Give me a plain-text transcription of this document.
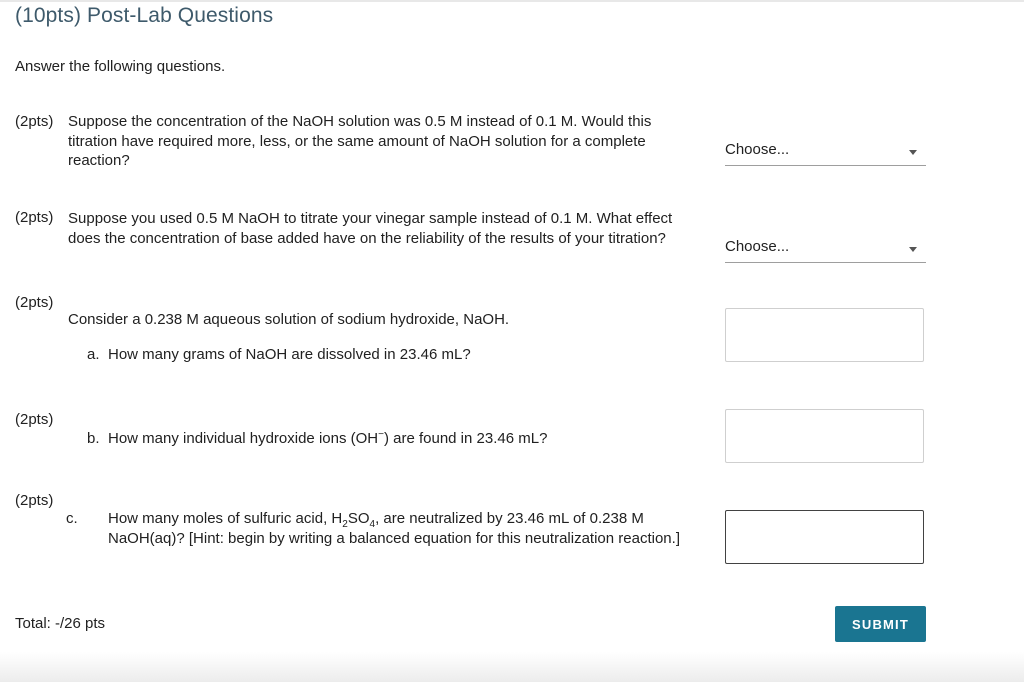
(10pts) Post-Lab Questions
Answer the following questions.
(2pts) Suppose the concentration of the NaOH solution was 0.5 M instead of 0.1 M. Would this titration have required more, less, or the same amount of NaOH solution for a complete reaction?
Choose...
(2pts) Suppose you used 0.5 M NaOH to titrate your vinegar sample instead of 0.1 M. What effect does the concentration of base added have on the reliability of the results of your titration?	Choose...
(2pts)
Consider a 0.238 M aqueous solution of sodium hydroxide, NaOH.
a. How many grams of NaOH are dissolved in 23.46 mL?
(2pts)
b. How many individual hydroxide ions (OH−) are found in 23.46 mL?
(2pts)
c. How many moles of sulfuric acid, $H_2SO_4$, are neutralized by 23.46 mL of 0.238 M NaOH(aq)? [Hint: begin by writing a balanced equation for this neutralization reaction.]
Total: -/26 pts	SUBMIT
